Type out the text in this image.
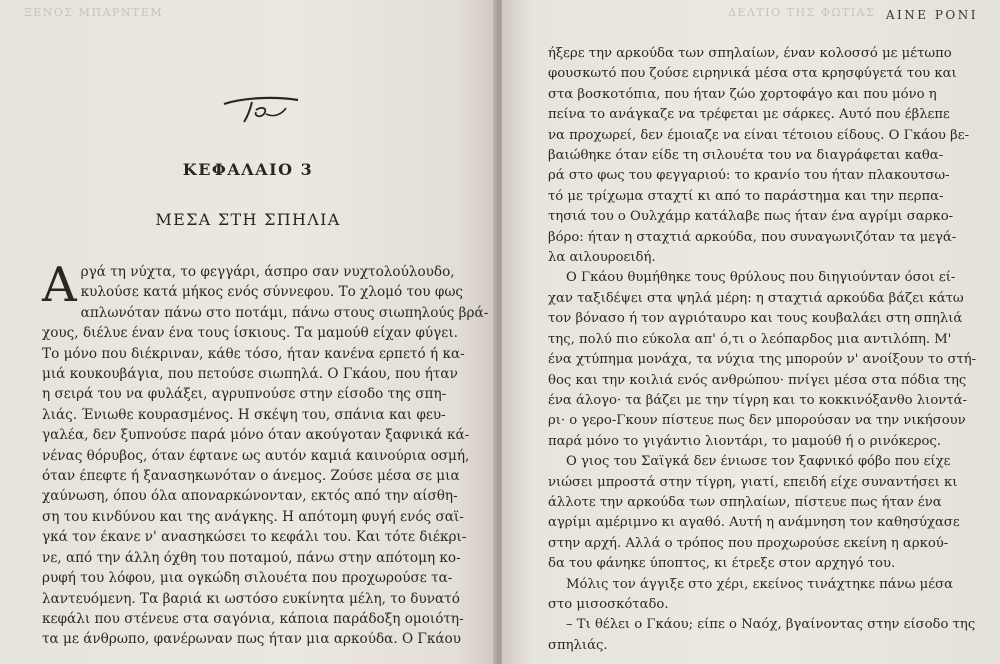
ΞΕΝΟΣ ΜΠΑΡΝΤΕΜ
ΚΕΦΑΛΑΙΟ 3
ΜΕΣΑ ΣΤΗ ΣΠΗΛΙΑ
Α ργά τη νύχτα, το φεγγάρι, άσπρο σαν νυχτολούλουδο,
κυλούσε κατά μήκος ενός σύννεφου. Το χλομό του φως
απλωνόταν πάνω στο ποτάμι, πάνω στους σιωπηλούς βρά-
χους, διέλυε έναν ένα τους ίσκιους. Τα μαμούθ είχαν φύγει.
Το μόνο που διέκριναν, κάθε τόσο, ήταν κανένα ερπετό ή κα-
μιά κουκουβάγια, που πετούσε σιωπηλά. Ο Γκάου, που ήταν
η σειρά του να φυλάξει, αγρυπνούσε στην είσοδο της σπη-
λιάς. Ένιωθε κουρασμένος. Η σκέψη του, σπάνια και φευ-
γαλέα, δεν ξυπνούσε παρά μόνο όταν ακούγοταν ξαφνικά κά-
νένας θόρυβος, όταν έφτανε ως αυτόν καμιά καινούρια οσμή,
όταν έπεφτε ή ξανασηκωνόταν ο άνεμος. Ζούσε μέσα σε μια
χαύνωση, όπου όλα απoναρκώνονταν, εκτός από την αίσθη-
ση του κινδύνου και της ανάγκης. Η απότομη φυγή ενός σαϊ-
γκά τον έκανε ν' ανασηκώσει το κεφάλι του. Και τότε διέκρι-
νε, από την άλλη όχθη του ποταμού, πάνω στην απότομη κο-
ρυφή του λόφου, μια ογκώδη σιλουέτα που προχωρούσε τα-
λαντευόμενη. Τα βαριά κι ωστόσο ευκίνητα μέλη, το δυνατό
κεφάλι που στένευε στα σαγόνια, κάποια παράδοξη ομοιότη-
τα με άνθρωπο, φανέρωναν πως ήταν μια αρκούδα. Ο Γκάου
ΔΕΛΤΙΟ ΤΗΣ ΦΩΤΙΑΣ ΑΙΝΕ ΡΟΝΙ
ήξερε την αρκούδα των σπηλαίων, έναν κολοσσό με μέτωπο
φουσκωτό που ζούσε ειρηνικά μέσα στα κρησφύγετά του και
στα βοσκοτόπια, που ήταν ζώο χορτοφάγο και που μόνο η
πείνα το ανάγκαζε να τρέφεται με σάρκες. Αυτό που έβλεπε
να προχωρεί, δεν έμοιαζε να είναι τέτοιου είδους. Ο Γκάου βε-
βαιώθηκε όταν είδε τη σιλουέτα του να διαγράφεται καθα-
ρά στο φως του φεγγαριού: το κρανίο του ήταν πλακουτσω-
τό με τρίχωμα σταχτί κι από το παράστημα και την περπα-
τησιά του ο Ουλχάμρ κατάλαβε πως ήταν ένα αγρίμι σαρκο-
βόρο: ήταν η σταχτιά αρκούδα, που συναγωνιζόταν τα μεγά-
λα αιλουροειδή.
Ο Γκάου θυμήθηκε τους θρύλους που διηγιούνταν όσοι εί-
χαν ταξιδέψει στα ψηλά μέρη: η σταχτιά αρκούδα βάζει κάτω
τον βόνασο ή τον αγριόταυρο και τους κουβαλάει στη σπηλιά
της, πολύ πιο εύκολα απ' ό,τι ο λεόπαρδος μια αντιλόπη. Μ'
ένα χτύπημα μονάχα, τα νύχια της μπορούν ν' ανοίξουν το στή-
θος και την κοιλιά ενός ανθρώπου· πνίγει μέσα στα πόδια της
ένα άλογο· τα βάζει με την τίγρη και το κοκκινόξανθο λιοντά-
ρι· ο γερο-Γκουν πίστευε πως δεν μπορούσαν να την νικήσουν
παρά μόνο το γιγάντιο λιοντάρι, το μαμούθ ή ο ρινόκερος.
Ο γιος του Σαϊγκά δεν ένιωσε τον ξαφνικό φόβο που είχε
νιώσει μπροστά στην τίγρη, γιατί, επειδή είχε συναντήσει κι
άλλοτε την αρκούδα των σπηλαίων, πίστευε πως ήταν ένα
αγρίμι αμέριμνο κι αγαθό. Αυτή η ανάμνηση τον καθησύχασε
στην αρχή. Αλλά ο τρόπος που προχωρούσε εκείνη η αρκού-
δα του φάνηκε ύποπτος, κι έτρεξε στον αρχηγό του.
Μόλις τον άγγιξε στο χέρι, εκείνος τινάχτηκε πάνω μέσα
στο μισοσκόταδο.
– Τι θέλει ο Γκάου; είπε ο Ναόχ, βγαίνοντας στην είσοδο της
σπηλιάς.
